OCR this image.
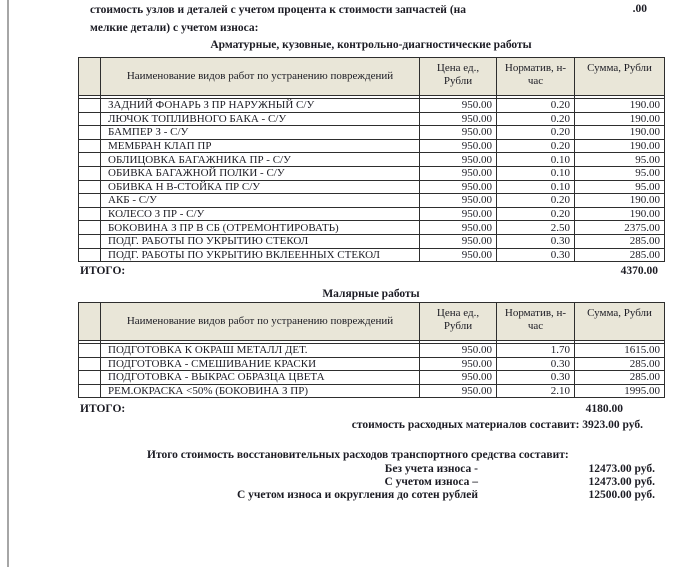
стоимость узлов и деталей с учетом процента к стоимости запчастей (на
мелкие детали) с учетом износа:
.00
Арматурные, кузовные, контрольно-диагностические работы
	Наименование видов работ по устранению повреждений	Цена ед., Рубли	Норматив, н-час	Сумма, Рубли

	ЗАДНИЙ ФОНАРЬ З ПР НАРУЖНЫЙ С/У	950.00	0.20	190.00
	ЛЮЧОК ТОПЛИВНОГО БАКА - С/У	950.00	0.20	190.00
	БАМПЕР З - С/У	950.00	0.20	190.00
	МЕМБРАН КЛАП ПР	950.00	0.20	190.00
	ОБЛИЦОВКА БАГАЖНИКА ПР - С/У	950.00	0.10	95.00
	ОБИВКА БАГАЖНОЙ ПОЛКИ - С/У	950.00	0.10	95.00
	ОБИВКА Н В-СТОЙКА ПР С/У	950.00	0.10	95.00
	АКБ - С/У	950.00	0.20	190.00
	КОЛЕСО З ПР - С/У	950.00	0.20	190.00
	БОКОВИНА З ПР В СБ (ОТРЕМОНТИРОВАТЬ)	950.00	2.50	2375.00
	ПОДГ. РАБОТЫ ПО УКРЫТИЮ СТЕКОЛ	950.00	0.30	285.00
	ПОДГ. РАБОТЫ ПО УКРЫТИЮ ВКЛЕЕННЫХ СТЕКОЛ	950.00	0.30	285.00
ИТОГО:	4370.00
Малярные работы
	Наименование видов работ по устранению повреждений	Цена ед., Рубли	Норматив, н-час	Сумма, Рубли

	ПОДГОТОВКА К ОКРАШ МЕТАЛЛ ДЕТ.	950.00	1.70	1615.00
	ПОДГОТОВКА - СМЕШИВАНИЕ КРАСКИ	950.00	0.30	285.00
	ПОДГОТОВКА - ВЫКРАС ОБРАЗЦА ЦВЕТА	950.00	0.30	285.00
	РЕМ.ОКРАСКА <50% (БОКОВИНА З ПР)	950.00	2.10	1995.00
ИТОГО:	4180.00
стоимость расходных материалов составит: 3923.00 руб.
Итого стоимость восстановительных расходов транспортного средства составит:
Без учета износа -	12473.00 руб.
С учетом износа –	12473.00 руб.
С учетом износа и округления до сотен рублей	12500.00 руб.
